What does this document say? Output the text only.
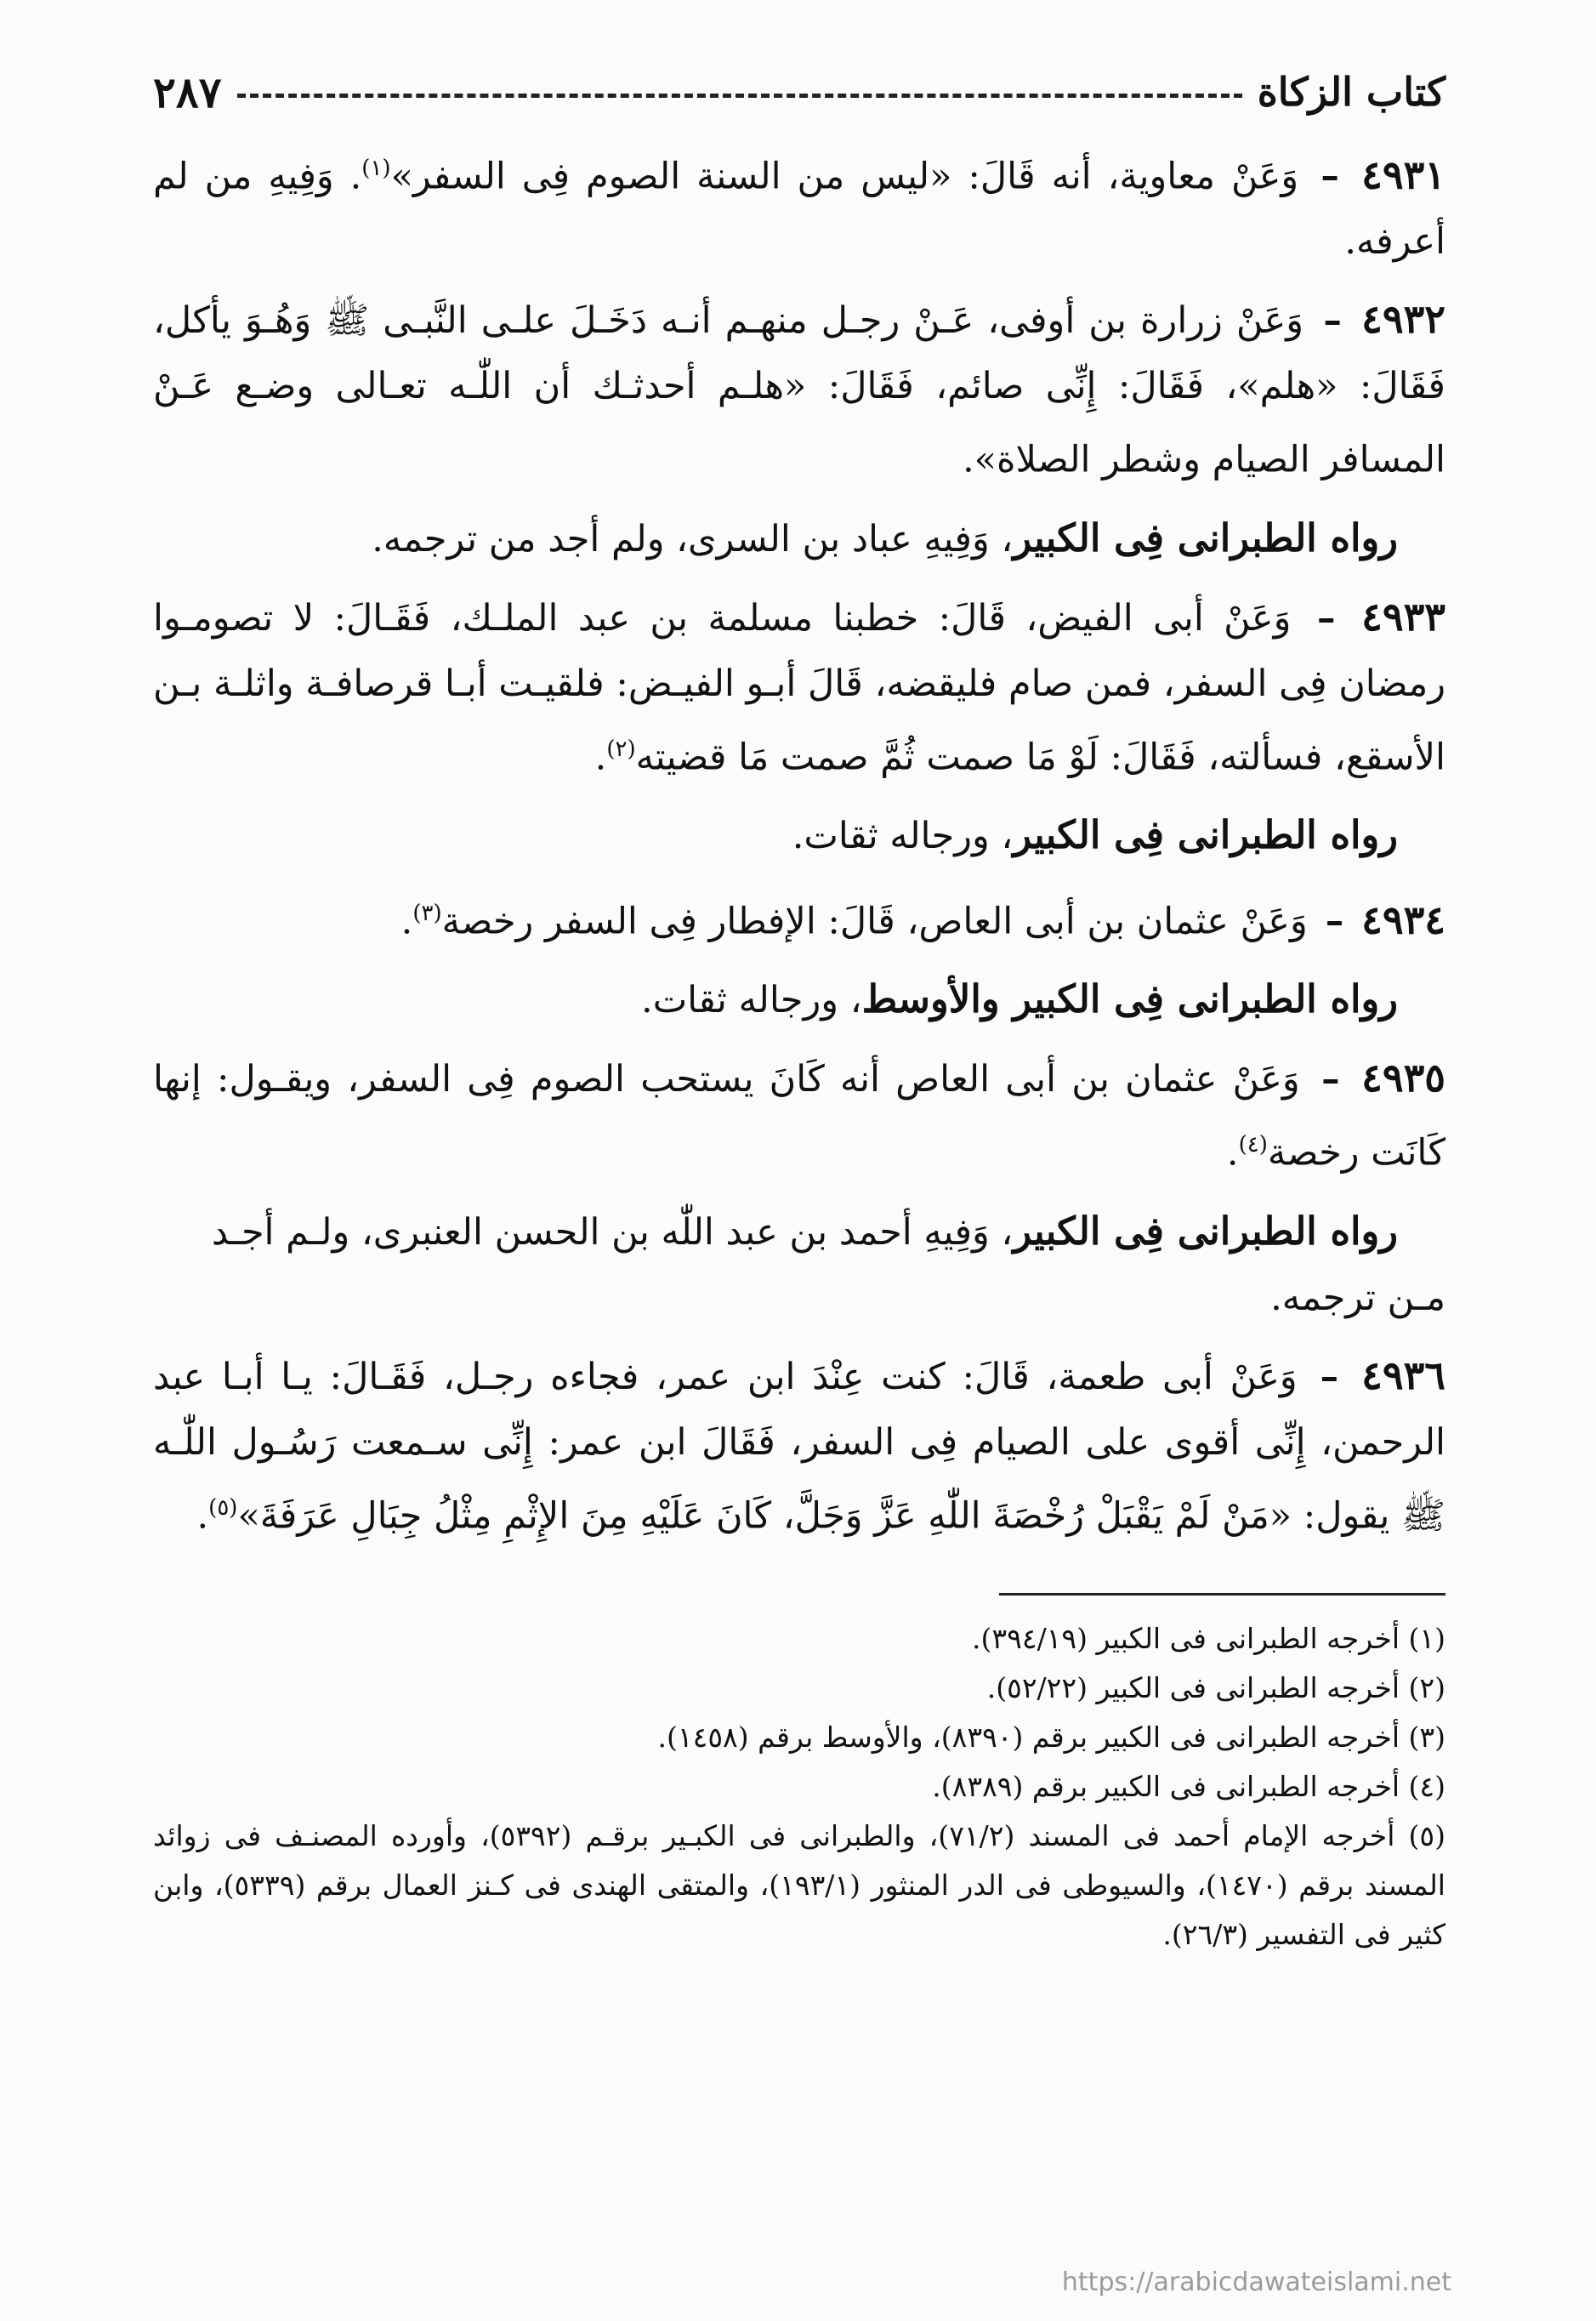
كتاب الزكاة
٢٨٧

٤٩٣١ – وَعَنْ معاوية، أنه قَالَ: «ليس من السنة الصوم فِى السفر»$^{(١)}$. وَفِيهِ من لم أعرفه.

٤٩٣٢ – وَعَنْ زرارة بن أوفى، عَـنْ رجـل منهـم أنـه دَخَـلَ علـى النَّبـى ﷺ وَهُـوَ يأكل، فَقَالَ: «هلم»، فَقَالَ: إِنِّى صائم، فَقَالَ: «هلـم أحدثـك أن اللّٰـه تعـالى وضـع عَـنْ المسافر الصيام وشطر الصلاة».

رواه الطبرانى فِى الكبير، وَفِيهِ عباد بن السرى، ولم أجد من ترجمه.

٤٩٣٣ – وَعَنْ أبى الفيض، قَالَ: خطبنا مسلمة بن عبد الملـك، فَقَـالَ: لا تصومـوا رمضان فِى السفر، فمن صام فليقضه، قَالَ أبـو الفيـض: فلقيـت أبـا قرصافـة واثلـة بـن الأسقع، فسألته، فَقَالَ: لَوْ مَا صمت ثُمَّ صمت مَا قضيته$^{(٢)}$.

رواه الطبرانى فِى الكبير، ورجاله ثقات.

٤٩٣٤ – وَعَنْ عثمان بن أبى العاص، قَالَ: الإفطار فِى السفر رخصة$^{(٣)}$.

رواه الطبرانى فِى الكبير والأوسط، ورجاله ثقات.

٤٩٣٥ – وَعَنْ عثمان بن أبى العاص أنه كَانَ يستحب الصوم فِى السفر، ويقـول: إنها كَانَت رخصة$^{(٤)}$.

رواه الطبرانى فِى الكبير، وَفِيهِ أحمد بن عبد اللّٰه بن الحسن العنبرى، ولـم أجـد مـن ترجمه.

٤٩٣٦ – وَعَنْ أبى طعمة، قَالَ: كنت عِنْدَ ابن عمر، فجاءه رجـل، فَقَـالَ: يـا أبـا عبد الرحمن، إِنِّى أقوى على الصيام فِى السفر، فَقَالَ ابن عمر: إِنِّى سـمعت رَسُـول اللّٰـه ﷺ يقول: «مَنْ لَمْ يَقْبَلْ رُخْصَةَ اللّٰهِ عَزَّ وَجَلَّ، كَانَ عَلَيْهِ مِنَ الإِثْمِ مِثْلُ جِبَالِ عَرَفَةَ»$^{(٥)}$.

(١) أخرجه الطبرانى فى الكبير (٣٩٤/١٩).

(٢) أخرجه الطبرانى فى الكبير (٥٢/٢٢).

(٣) أخرجه الطبرانى فى الكبير برقم (٨٣٩٠)، والأوسط برقم (١٤٥٨).

(٤) أخرجه الطبرانى فى الكبير برقم (٨٣٨٩).

(٥) أخرجه الإمام أحمد فى المسند (٧١/٢)، والطبرانى فى الكبـير برقـم (٥٣٩٢)، وأورده المصنـف فى زوائد المسند برقم (١٤٧٠)، والسيوطى فى الدر المنثور (١٩٣/١)، والمتقى الهندى فى كـنز العمال برقم (٥٣٣٩)، وابن كثير فى التفسير (٢٦/٣).

https://arabicdawateislami.net
